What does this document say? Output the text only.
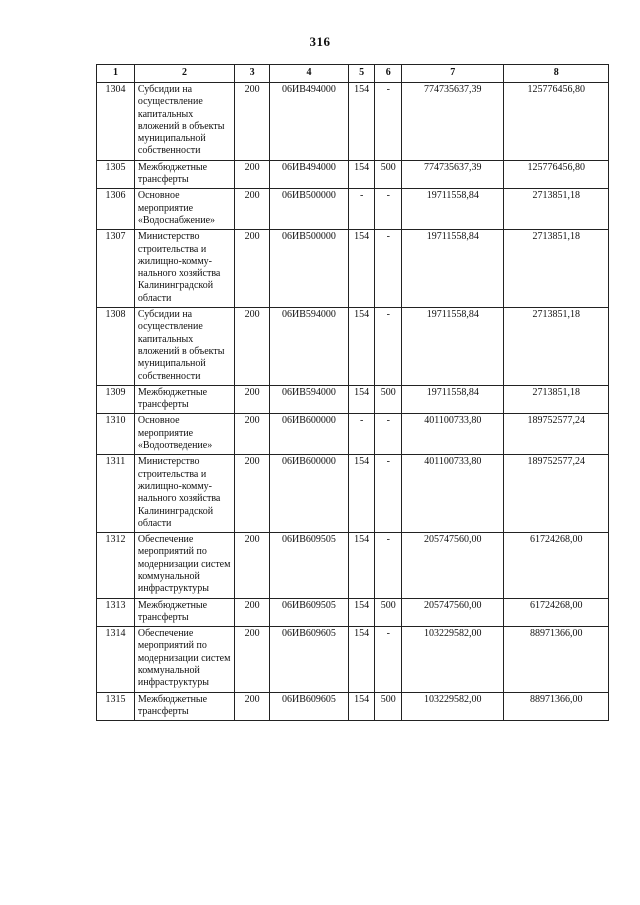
316
1	2	3	4	5	6	7	8
1304	Субсидии на осуществление капитальных вложений в объекты муниципальной собственности	200	06ИВ494000	154	-	774735637,39	125776456,80
1305	Межбюджетные трансферты	200	06ИВ494000	154	500	774735637,39	125776456,80
1306	Основное мероприятие «Водоснабжение»	200	06ИВ500000	-	-	19711558,84	2713851,18
1307	Министерство строительства и жилищно-комму-нального хозяйства Калининградской области	200	06ИВ500000	154	-	19711558,84	2713851,18
1308	Субсидии на осуществление капитальных вложений в объекты муниципальной собственности	200	06ИВ594000	154	-	19711558,84	2713851,18
1309	Межбюджетные трансферты	200	06ИВ594000	154	500	19711558,84	2713851,18
1310	Основное мероприятие «Водоотведение»	200	06ИВ600000	-	-	401100733,80	189752577,24
1311	Министерство строительства и жилищно-комму-нального хозяйства Калининградской области	200	06ИВ600000	154	-	401100733,80	189752577,24
1312	Обеспечение мероприятий по модернизации систем коммунальной инфраструктуры	200	06ИВ609505	154	-	205747560,00	61724268,00
1313	Межбюджетные трансферты	200	06ИВ609505	154	500	205747560,00	61724268,00
1314	Обеспечение мероприятий по модернизации систем коммунальной инфраструктуры	200	06ИВ609605	154	-	103229582,00	88971366,00
1315	Межбюджетные трансферты	200	06ИВ609605	154	500	103229582,00	88971366,00
